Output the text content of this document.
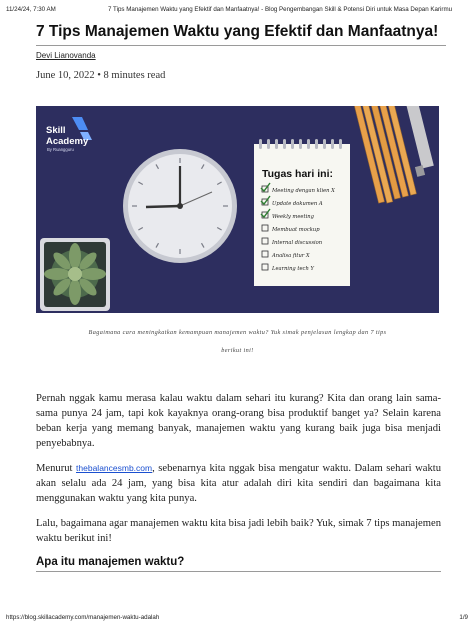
11/24/24, 7:30 AM	7 Tips Manajemen Waktu yang Efektif dan Manfaatnya! - Blog Pengembangan Skill & Potensi Diri untuk Masa Depan Karirmu
7 Tips Manajemen Waktu yang Efektif dan Manfaatnya!
Devi Lianovanda
June 10, 2022 • 8 minutes read
Skill
Academy
By Ruangguru
Tugas hari ini:
Meeting dengan klien X
Update dokumen A
Weekly meeting
Membuat mockup
Internal discussion
Analisa fitur X
Learning tech Y
Bagaimana cara meningkatkan kemampuan manajemen waktu? Yuk simak penjelasan lengkap dan 7 tips
berikut ini!

Pernah nggak kamu merasa kalau waktu dalam sehari itu kurang? Kita dan orang lain sama-sama punya 24 jam, tapi kok kayaknya orang-orang bisa produktif banget ya? Selain karena beban kerja yang memang banyak, manajemen waktu yang kurang baik juga bisa menjadi penyebabnya.

Menurut thebalancesmb.com, sebenarnya kita nggak bisa mengatur waktu. Dalam sehari waktu akan selalu ada 24 jam, yang bisa kita atur adalah diri kita sendiri dan bagaimana kita menggunakan waktu yang kita punya.

Lalu, bagaimana agar manajemen waktu kita bisa jadi lebih baik? Yuk, simak 7 tips manajemen waktu berikut ini!

Apa itu manajemen waktu?
https://blog.skillacademy.com/manajemen-waktu-adalah	1/9
